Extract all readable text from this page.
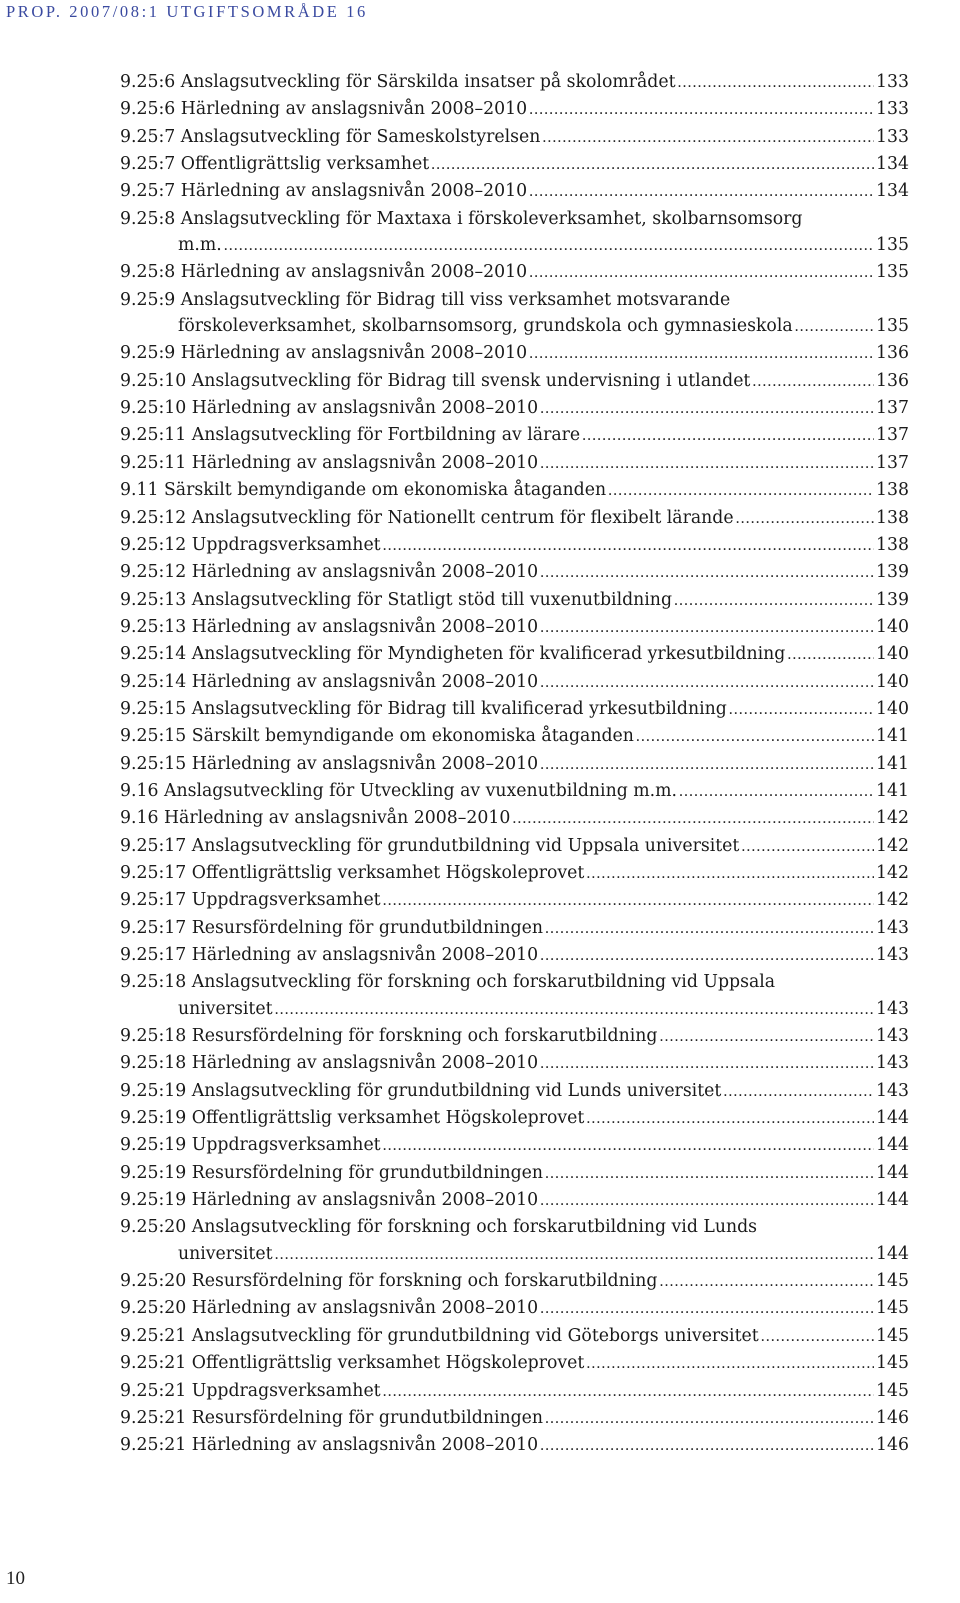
PROP. 2007/08:1 UTGIFTSOMRÅDE 16
9.25:6 Anslagsutveckling för Särskilda insatser på skolområdet .....	133
9.25:6 Härledning av anslagsnivån 2008–2010 .....	133
9.25:7 Anslagsutveckling för Sameskolstyrelsen .....	133
9.25:7 Offentligrättslig verksamhet .....	134
9.25:7 Härledning av anslagsnivån 2008–2010 .....	134
9.25:8 Anslagsutveckling för Maxtaxa i förskoleverksamhet, skolbarnsomsorg
m.m. .....	135
9.25:8 Härledning av anslagsnivån 2008–2010 .....	135
9.25:9 Anslagsutveckling för Bidrag till viss verksamhet motsvarande
förskoleverksamhet, skolbarnsomsorg, grundskola och gymnasieskola .....	135
9.25:9 Härledning av anslagsnivån 2008–2010 .....	136
9.25:10 Anslagsutveckling för Bidrag till svensk undervisning i utlandet .....	136
9.25:10 Härledning av anslagsnivån 2008–2010 .....	137
9.25:11 Anslagsutveckling för Fortbildning av lärare .....	137
9.25:11 Härledning av anslagsnivån 2008–2010 .....	137
9.11 Särskilt bemyndigande om ekonomiska åtaganden .....	138
9.25:12 Anslagsutveckling för Nationellt centrum för flexibelt lärande .....	138
9.25:12 Uppdragsverksamhet .....	138
9.25:12 Härledning av anslagsnivån 2008–2010 .....	139
9.25:13 Anslagsutveckling för Statligt stöd till vuxenutbildning .....	139
9.25:13 Härledning av anslagsnivån 2008–2010 .....	140
9.25:14 Anslagsutveckling för Myndigheten för kvalificerad yrkesutbildning .....	140
9.25:14 Härledning av anslagsnivån 2008–2010 .....	140
9.25:15 Anslagsutveckling för Bidrag till kvalificerad yrkesutbildning .....	140
9.25:15 Särskilt bemyndigande om ekonomiska åtaganden .....	141
9.25:15 Härledning av anslagsnivån 2008–2010 .....	141
9.16 Anslagsutveckling för Utveckling av vuxenutbildning m.m. .....	141
9.16 Härledning av anslagsnivån 2008–2010 .....	142
9.25:17 Anslagsutveckling för grundutbildning vid Uppsala universitet .....	142
9.25:17 Offentligrättslig verksamhet Högskoleprovet .....	142
9.25:17 Uppdragsverksamhet .....	142
9.25:17 Resursfördelning för grundutbildningen .....	143
9.25:17 Härledning av anslagsnivån 2008–2010 .....	143
9.25:18 Anslagsutveckling för forskning och forskarutbildning vid Uppsala
universitet .....	143
9.25:18 Resursfördelning för forskning och forskarutbildning .....	143
9.25:18 Härledning av anslagsnivån 2008–2010 .....	143
9.25:19 Anslagsutveckling för grundutbildning vid Lunds universitet .....	143
9.25:19 Offentligrättslig verksamhet Högskoleprovet .....	144
9.25:19 Uppdragsverksamhet .....	144
9.25:19 Resursfördelning för grundutbildningen .....	144
9.25:19 Härledning av anslagsnivån 2008–2010 .....	144
9.25:20 Anslagsutveckling för forskning och forskarutbildning vid Lunds
universitet .....	144
9.25:20 Resursfördelning för forskning och forskarutbildning .....	145
9.25:20 Härledning av anslagsnivån 2008–2010 .....	145
9.25:21 Anslagsutveckling för grundutbildning vid Göteborgs universitet .....	145
9.25:21 Offentligrättslig verksamhet Högskoleprovet .....	145
9.25:21 Uppdragsverksamhet .....	145
9.25:21 Resursfördelning för grundutbildningen .....	146
9.25:21 Härledning av anslagsnivån 2008–2010 .....	146
10
